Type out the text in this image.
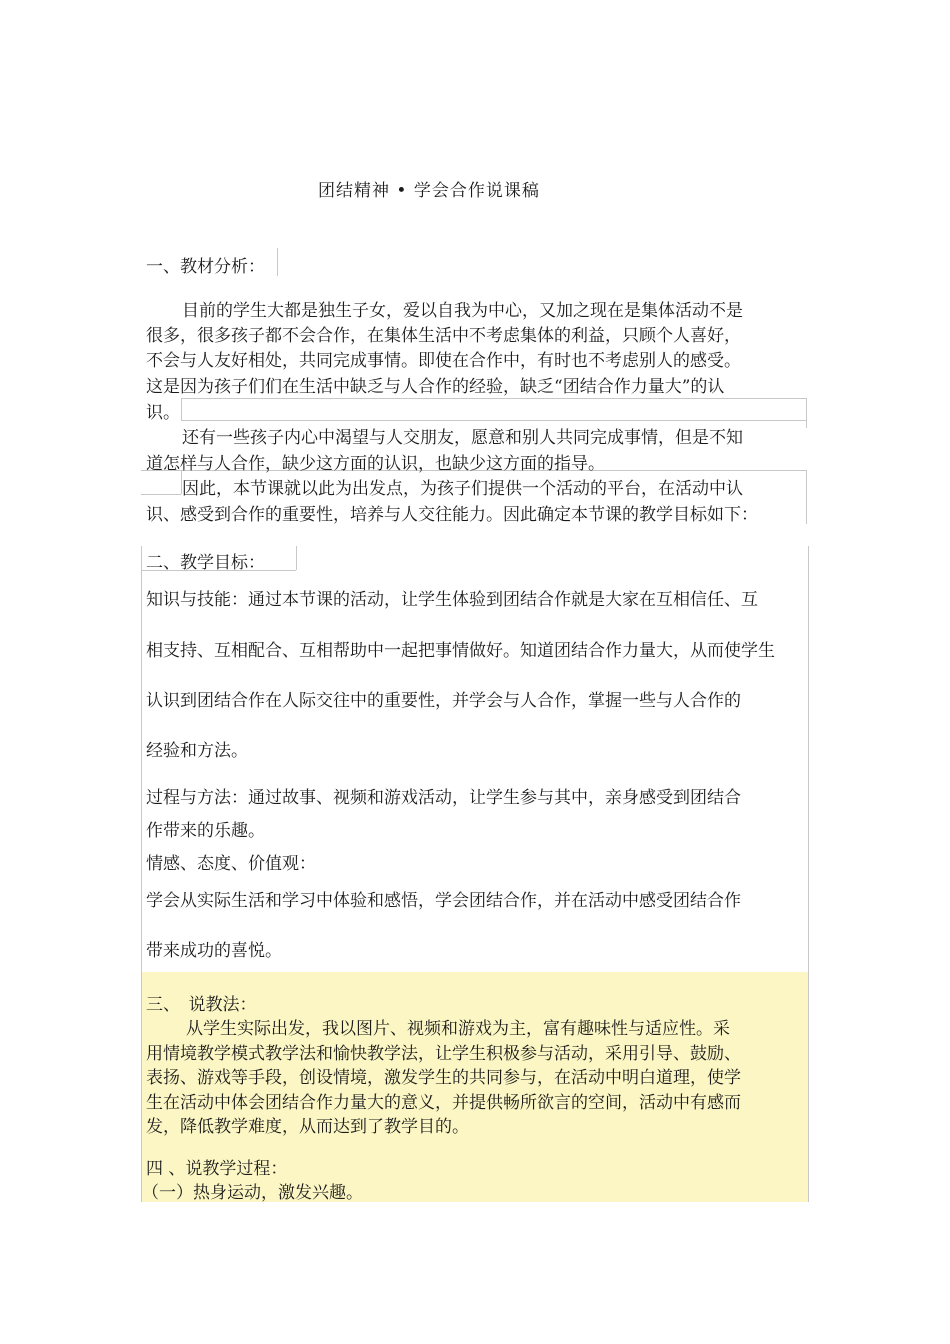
团结精神 • 学会合作说课稿
一、教材分析：
目前的学生大都是独生子女，爱以自我为中心，又加之现在是集体活动不是
很多，很多孩子都不会合作，在集体生活中不考虑集体的利益，只顾个人喜好，
不会与人友好相处，共同完成事情。即使在合作中，有时也不考虑别人的感受。
这是因为孩子们们在生活中缺乏与人合作的经验，缺乏“团结合作力量大”的认
识。
还有一些孩子内心中渴望与人交朋友，愿意和别人共同完成事情，但是不知
道怎样与人合作，缺少这方面的认识，也缺少这方面的指导。
因此，本节课就以此为出发点，为孩子们提供一个活动的平台，在活动中认
识、感受到合作的重要性，培养与人交往能力。因此确定本节课的教学目标如下：
二、教学目标：
知识与技能：通过本节课的活动，让学生体验到团结合作就是大家在互相信任、互
相支持、互相配合、互相帮助中一起把事情做好。知道团结合作力量大，从而使学生
认识到团结合作在人际交往中的重要性，并学会与人合作，掌握一些与人合作的
经验和方法。
过程与方法：通过故事、视频和游戏活动，让学生参与其中，亲身感受到团结合
作带来的乐趣。
情感、态度、价值观：
学会从实际生活和学习中体验和感悟，学会团结合作，并在活动中感受团结合作
带来成功的喜悦。
三、　说教法：
从学生实际出发，我以图片、视频和游戏为主，富有趣味性与适应性。采
用情境教学模式教学法和愉快教学法，让学生积极参与活动，采用引导、鼓励、
表扬、游戏等手段，创设情境，激发学生的共同参与，在活动中明白道理，使学
生在活动中体会团结合作力量大的意义，并提供畅所欲言的空间，活动中有感而
发，降低教学难度，从而达到了教学目的。
四 、说教学过程：
（一）热身运动，激发兴趣。
